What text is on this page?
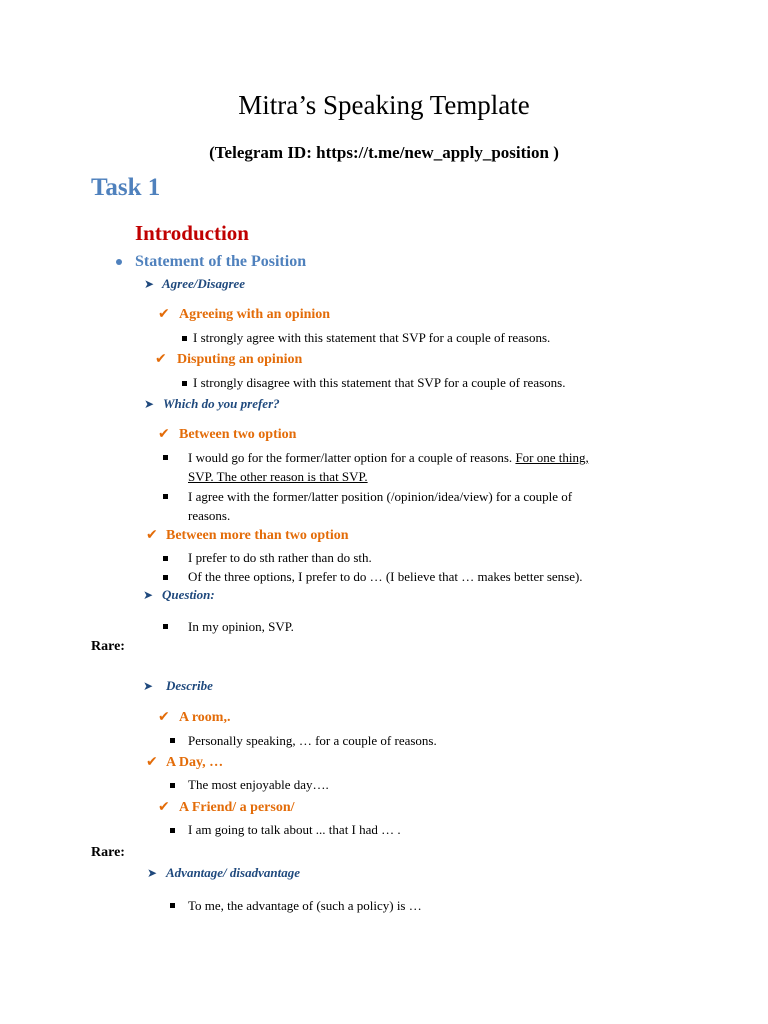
Mitra’s Speaking Template
(Telegram ID: https://t.me/new_apply_position )
Task 1
Introduction
Statement of the Position
➤ Agree/Disagree
✔ Agreeing with an opinion
I strongly agree with this statement that SVP for a couple of reasons.
✔ Disputing an opinion
I strongly disagree with this statement that SVP for a couple of reasons.
➤ Which do you prefer?
✔ Between two option
I would go for the former/latter option for a couple of reasons. For one thing,
SVP. The other reason is that SVP.
I agree with the former/latter position (/opinion/idea/view) for a couple of
reasons.
✔ Between more than two option
I prefer to do sth rather than do sth.
Of the three options, I prefer to do … (I believe that … makes better sense).
➤ Question:
In my opinion, SVP.
Rare:
➤ Describe
✔ A room,.
Personally speaking, … for a couple of reasons.
✔ A Day, …
The most enjoyable day….
✔ A Friend/ a person/
I am going to talk about ... that I had … .
Rare:
➤ Advantage/ disadvantage
To me, the advantage of (such a policy) is …
